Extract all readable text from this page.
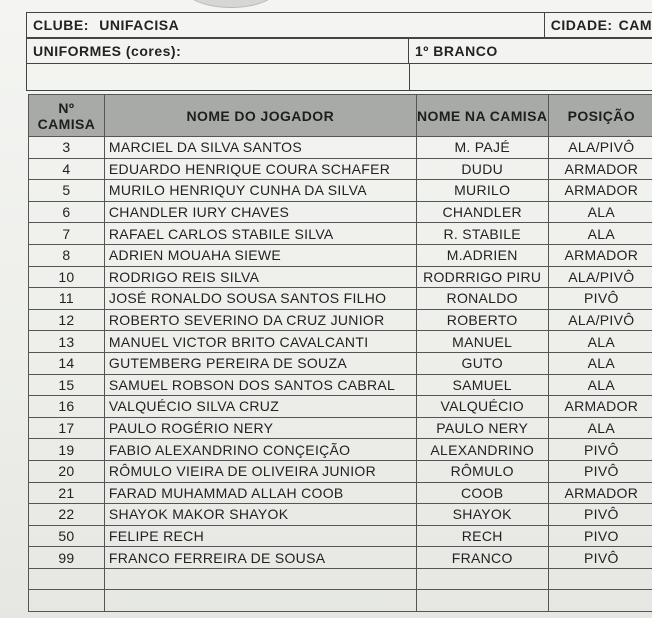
CLUBE: UNIFACISA	CIDADE: CAM
UNIFORMES (cores):	1º BRANCO
Nº CAMISA	NOME DO JOGADOR	NOME NA CAMISA	POSIÇÃO
3	MARCIEL DA SILVA SANTOS	M. PAJÉ	ALA/PIVÔ
4	EDUARDO HENRIQUE COURA SCHAFER	DUDU	ARMADOR
5	MURILO HENRIQUY CUNHA DA SILVA	MURILO	ARMADOR
6	CHANDLER IURY CHAVES	CHANDLER	ALA
7	RAFAEL CARLOS STABILE SILVA	R. STABILE	ALA
8	ADRIEN MOUAHA SIEWE	M.ADRIEN	ARMADOR
10	RODRIGO REIS SILVA	RODRRIGO PIRU	ALA/PIVÔ
11	JOSÉ RONALDO SOUSA SANTOS FILHO	RONALDO	PIVÔ
12	ROBERTO SEVERINO DA CRUZ JUNIOR	ROBERTO	ALA/PIVÔ
13	MANUEL VICTOR BRITO CAVALCANTI	MANUEL	ALA
14	GUTEMBERG PEREIRA DE SOUZA	GUTO	ALA
15	SAMUEL ROBSON DOS SANTOS CABRAL	SAMUEL	ALA
16	VALQUÉCIO SILVA CRUZ	VALQUÉCIO	ARMADOR
17	PAULO ROGÉRIO NERY	PAULO NERY	ALA
19	FABIO ALEXANDRINO CONÇEIÇÃO	ALEXANDRINO	PIVÔ
20	RÔMULO VIEIRA DE OLIVEIRA JUNIOR	RÔMULO	PIVÔ
21	FARAD MUHAMMAD ALLAH COOB	COOB	ARMADOR
22	SHAYOK MAKOR SHAYOK	SHAYOK	PIVÔ
50	FELIPE RECH	RECH	PIVO
99	FRANCO FERREIRA DE SOUSA	FRANCO	PIVÔ
